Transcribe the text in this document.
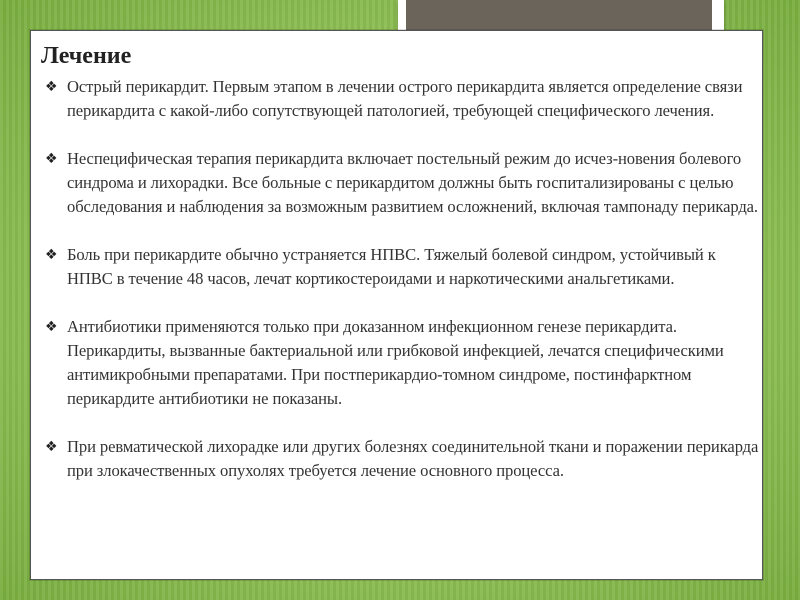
Лечение
❖ Острый перикардит. Первым этапом в лечении острого перикардита является определение связи перикардита с какой-либо сопутствующей патологией, требующей специфического лечения.
❖ Неспецифическая терапия перикардита включает постельный режим до исчез-новения болевого синдрома и лихорадки. Все больные с перикардитом должны быть госпитализированы с целью обследования и наблюдения за возможным развитием осложнений, включая тампонаду перикарда.
❖ Боль при перикардите обычно устраняется НПВС. Тяжелый болевой синдром, устойчивый к НПВС в течение 48 часов, лечат кортикостероидами и наркотическими анальгетиками.
❖ Антибиотики применяются только при доказанном инфекционном генезе перикардита. Перикардиты, вызванные бактериальной или грибковой инфекцией, лечатся специфическими антимикробными препаратами. При постперикардио-томном синдроме, постинфарктном перикардите антибиотики не показаны.
❖ При ревматической лихорадке или других болезнях соединительной ткани и поражении перикарда при злокачественных опухолях требуется лечение основного процесса.
